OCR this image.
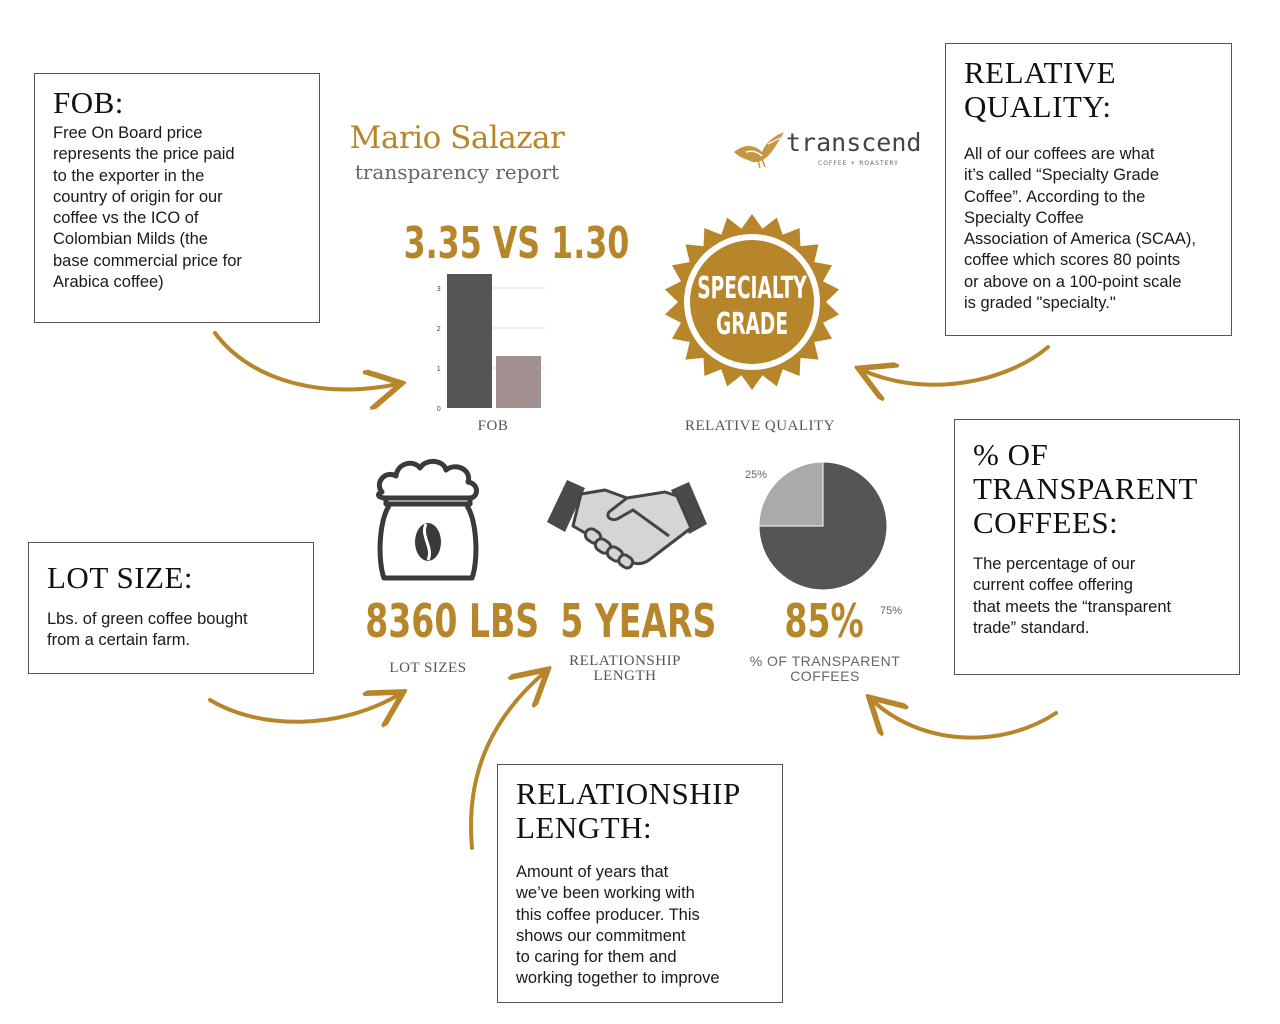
Mario Salazar
transparency report
transcend
COFFEE + ROASTERY
FOB:

Free On Board price
represents the price paid
to the exporter in the
country of origin for our
coffee vs the ICO of
Colombian Milds (the
base commercial price for
Arabica coffee)

RELATIVE
QUALITY:

All of our coffees are what
it’s called “Specialty Grade
Coffee”. According to the
Specialty Coffee
Association of America (SCAA),
coffee which scores 80 points
or above on a 100-point scale
is graded "specialty."

LOT SIZE:

Lbs. of green coffee bought
from a certain farm.

% OF
TRANSPARENT
COFFEES:

The percentage of our
current coffee offering
that meets the “transparent
trade” standard.

RELATIONSHIP
LENGTH:

Amount of years that
we’ve been working with
this coffee producer. This
shows our commitment
to caring for them and
working together to improve

3.35 VS 1.30
0
1
2
3
FOB
SPECIALTY
GRADE
RELATIVE QUALITY
25%
75%
8360 LBS
LOT SIZES
5 YEARS
RELATIONSHIP
LENGTH
85%
% OF TRANSPARENT
COFFEES
